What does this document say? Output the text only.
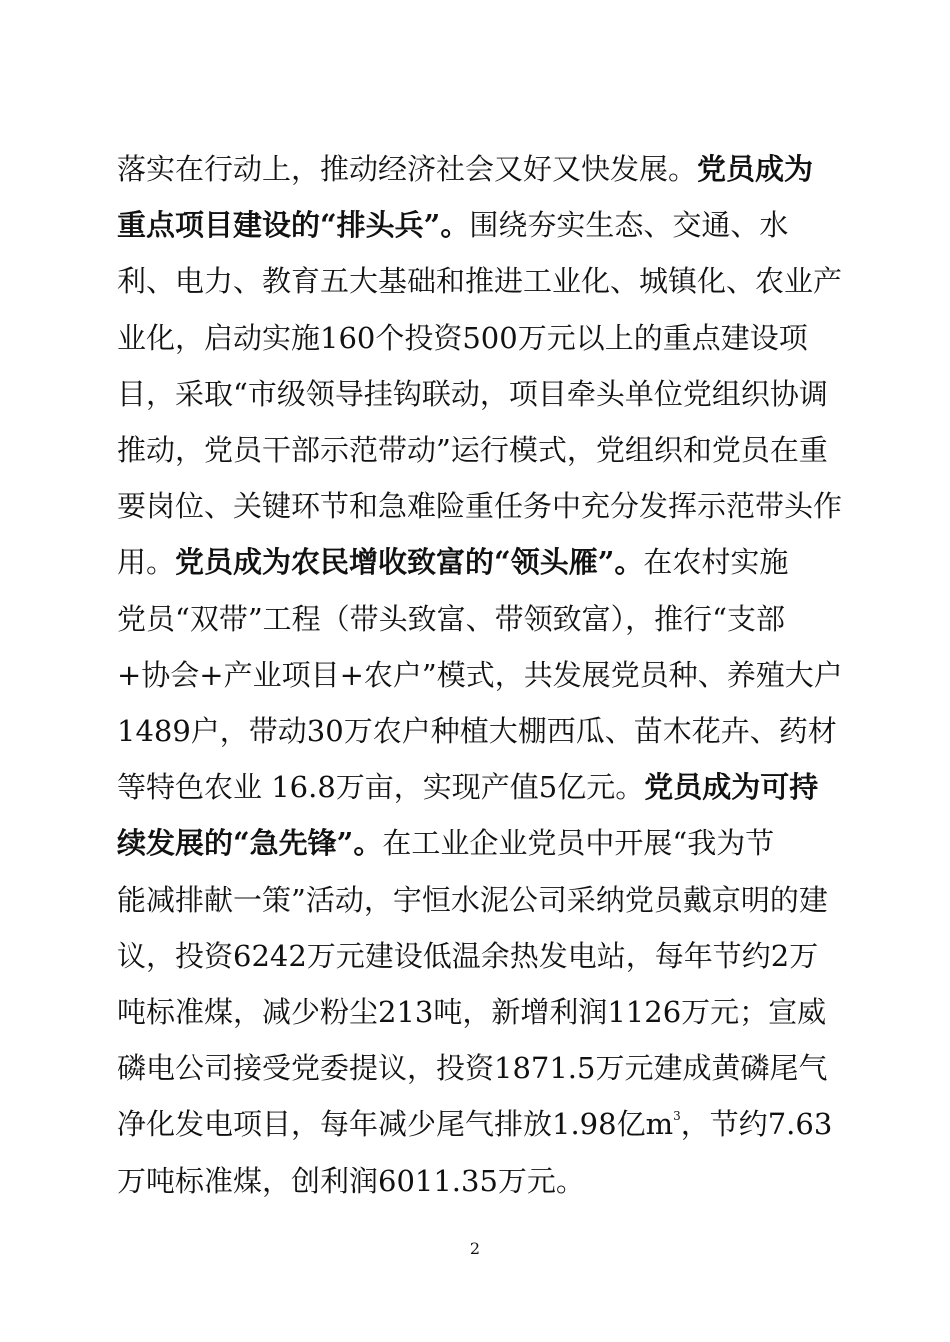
落实在行动上，推动经济社会又好又快发展。党员成为
重点项目建设的“排头兵”。围绕夯实生态、交通、水
利、电力、教育五大基础和推进工业化、城镇化、农业产
业化，启动实施160个投资500万元以上的重点建设项
目，采取“市级领导挂钩联动，项目牵头单位党组织协调
推动，党员干部示范带动”运行模式，党组织和党员在重
要岗位、关键环节和急难险重任务中充分发挥示范带头作
用。党员成为农民增收致富的“领头雁”。在农村实施
党员“双带”工程（带头致富、带领致富），推行“支部
+协会+产业项目+农户”模式，共发展党员种、养殖大户
1489户，带动30万农户种植大棚西瓜、苗木花卉、药材
等特色农业 16.8万亩，实现产值5亿元。党员成为可持
续发展的“急先锋”。在工业企业党员中开展“我为节
能减排献一策”活动，宇恒水泥公司采纳党员戴京明的建
议，投资6242万元建设低温余热发电站，每年节约2万
吨标准煤，减少粉尘213吨，新增利润1126万元；宣威
磷电公司接受党委提议，投资1871.5万元建成黄磷尾气
净化发电项目，每年减少尾气排放1.98亿$m^3$，节约7.63
万吨标准煤，创利润6011.35万元。
2
